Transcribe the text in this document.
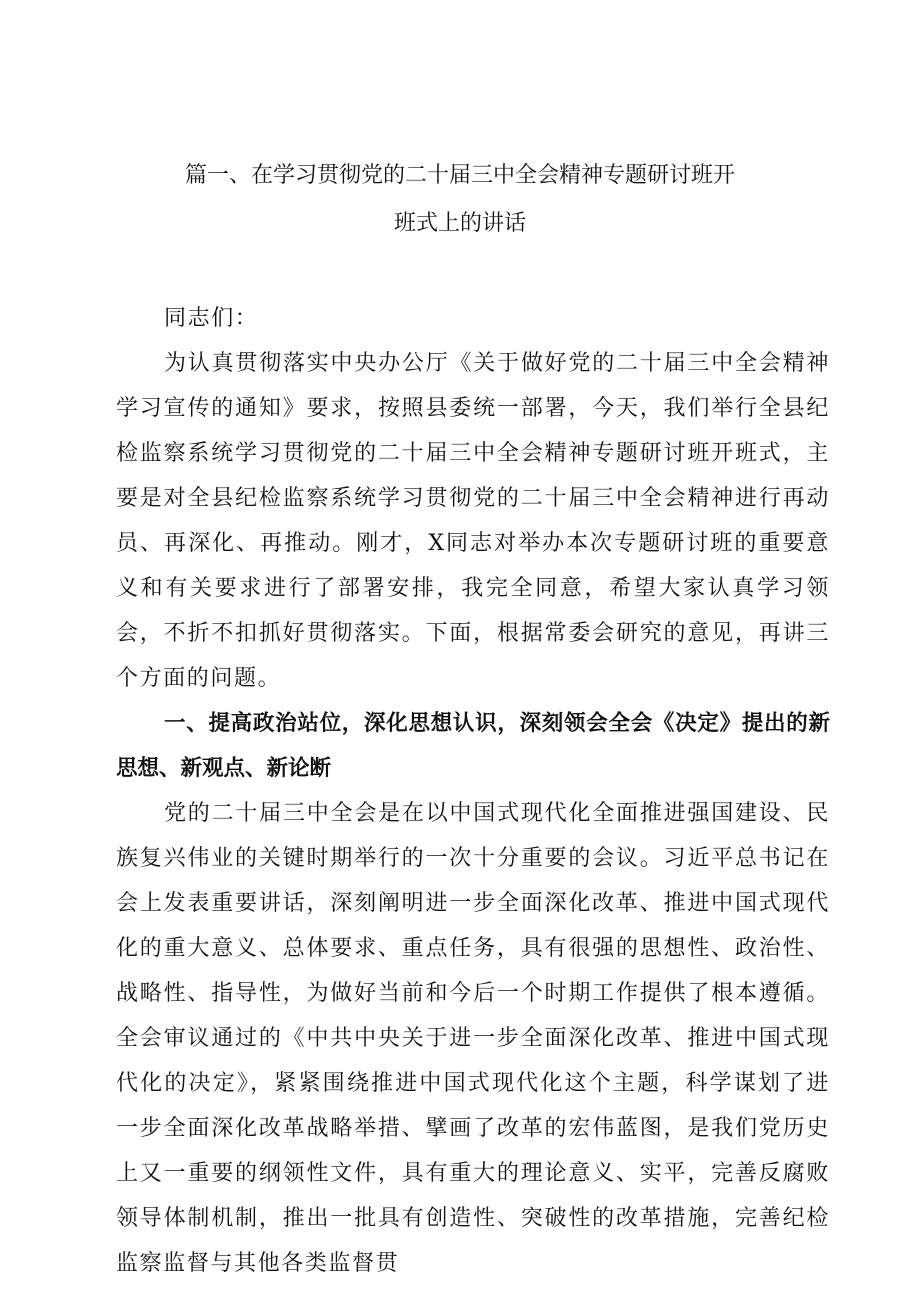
篇一、在学习贯彻党的二十届三中全会精神专题研讨班开
班式上的讲话

同志们：

为认真贯彻落实中央办公厅《关于做好党的二十届三中全会精神学习宣传的通知》要求，按照县委统一部署，今天，我们举行全县纪检监察系统学习贯彻党的二十届三中全会精神专题研讨班开班式，主要是对全县纪检监察系统学习贯彻党的二十届三中全会精神进行再动员、再深化、再推动。刚才，X同志对举办本次专题研讨班的重要意义和有关要求进行了部署安排，我完全同意，希望大家认真学习领会，不折不扣抓好贯彻落实。下面，根据常委会研究的意见，再讲三个方面的问题。

一、提高政治站位，深化思想认识，深刻领会全会《决定》提出的新思想、新观点、新论断

党的二十届三中全会是在以中国式现代化全面推进强国建设、民族复兴伟业的关键时期举行的一次十分重要的会议。习近平总书记在会上发表重要讲话，深刻阐明进一步全面深化改革、推进中国式现代化的重大意义、总体要求、重点任务，具有很强的思想性、政治性、战略性、指导性，为做好当前和今后一个时期工作提供了根本遵循。全会审议通过的《中共中央关于进一步全面深化改革、推进中国式现代化的决定》，紧紧围绕推进中国式现代化这个主题，科学谋划了进一步全面深化改革战略举措、擘画了改革的宏伟蓝图，是我们党历史上又一重要的纲领性文件，具有重大的理论意义、实平，完善反腐败领导体制机制，推出一批具有创造性、突破性的改革措施，完善纪检监察监督与其他各类监督贯
